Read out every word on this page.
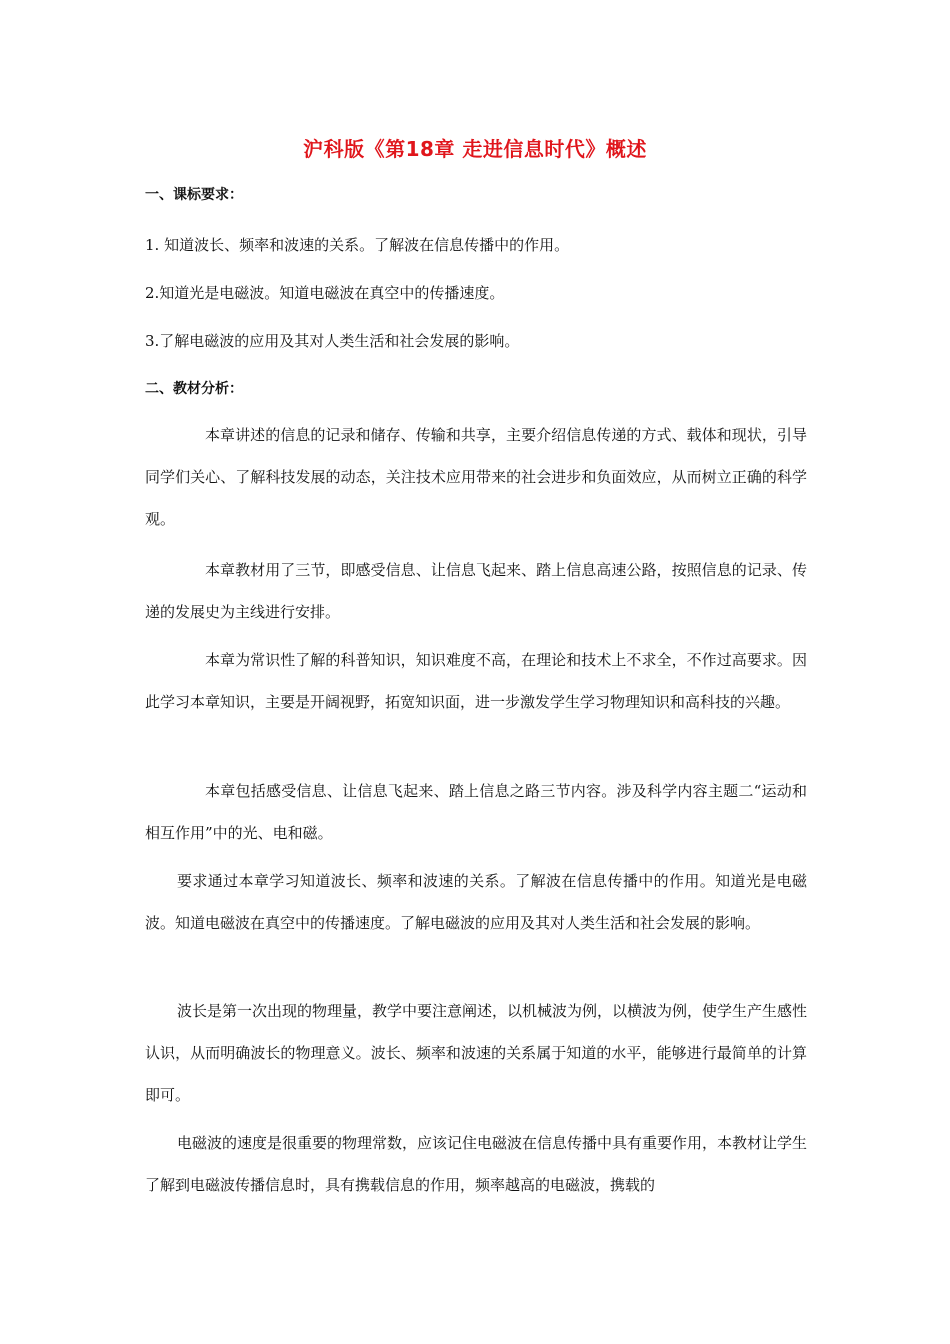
沪科版《第18章 走进信息时代》概述
一、课标要求：
1. 知道波长、频率和波速的关系。了解波在信息传播中的作用。
2.知道光是电磁波。知道电磁波在真空中的传播速度。
3.了解电磁波的应用及其对人类生活和社会发展的影响。
二、教材分析：
本章讲述的信息的记录和储存、传输和共享，主要介绍信息传递的方式、载体和现状，引导同学们关心、了解科技发展的动态，关注技术应用带来的社会进步和负面效应，从而树立正确的科学观。
本章教材用了三节，即感受信息、让信息飞起来、踏上信息高速公路，按照信息的记录、传递的发展史为主线进行安排。
本章为常识性了解的科普知识，知识难度不高，在理论和技术上不求全，不作过高要求。因此学习本章知识，主要是开阔视野，拓宽知识面，进一步激发学生学习物理知识和高科技的兴趣。
本章包括感受信息、让信息飞起来、踏上信息之路三节内容。涉及科学内容主题二“运动和相互作用”中的光、电和磁。
要求通过本章学习知道波长、频率和波速的关系。了解波在信息传播中的作用。知道光是电磁波。知道电磁波在真空中的传播速度。了解电磁波的应用及其对人类生活和社会发展的影响。
波长是第一次出现的物理量，教学中要注意阐述，以机械波为例，以横波为例，使学生产生感性认识，从而明确波长的物理意义。波长、频率和波速的关系属于知道的水平，能够进行最简单的计算即可。
电磁波的速度是很重要的物理常数，应该记住电磁波在信息传播中具有重要作用，本教材让学生了解到电磁波传播信息时，具有携载信息的作用，频率越高的电磁波，携载的
